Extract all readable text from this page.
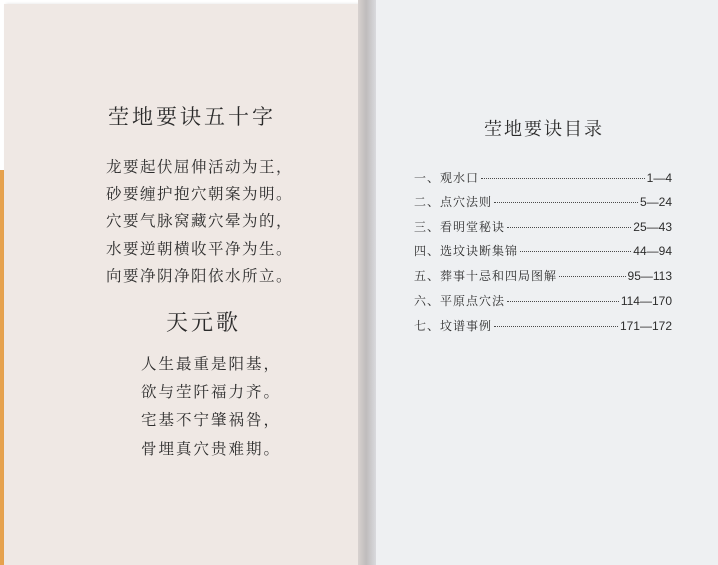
茔地要诀五十字
龙要起伏屈伸活动为王，
砂要缠护抱穴朝案为明。
穴要气脉窝藏穴晕为的，
水要逆朝横收平净为生。
向要净阴净阳依水所立。
天元歌
人生最重是阳基，
欲与茔阡福力齐。
宅基不宁肇祸咎，
骨埋真穴贵难期。
茔地要诀目录
一、观水口	1—4
二、点穴法则	5—24
三、看明堂秘诀	25—43
四、选坟诀断集锦	44—94
五、葬事十忌和四局图解	95—113
六、平原点穴法	114—170
七、坟谱事例	171—172
